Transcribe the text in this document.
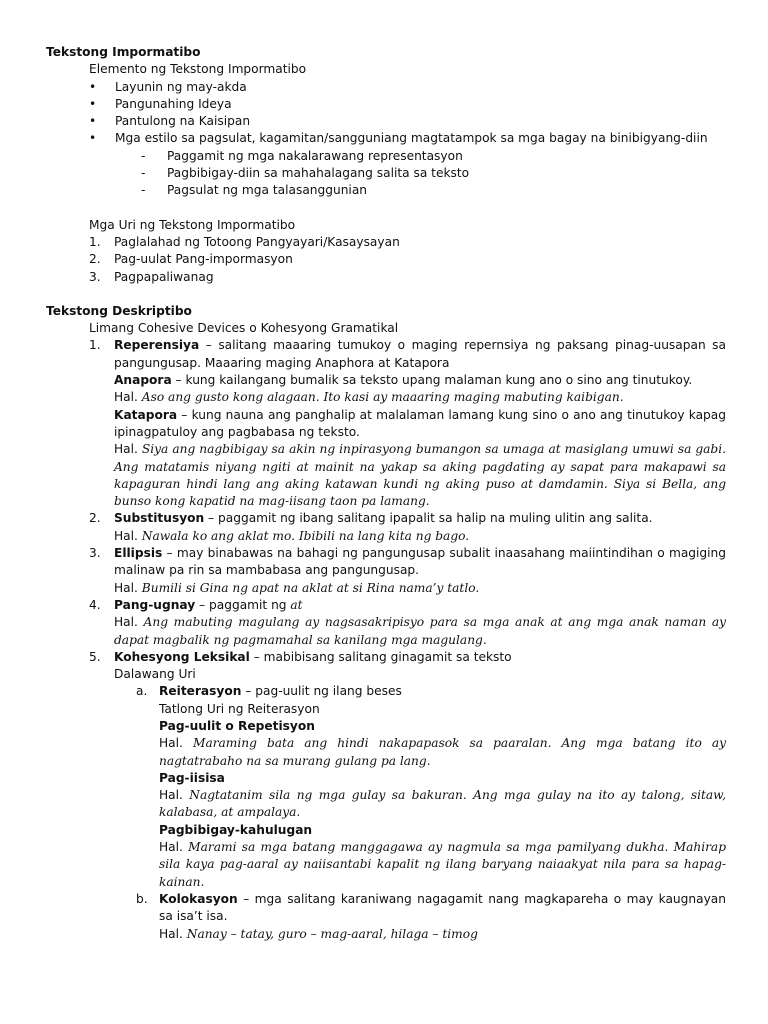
Tekstong Impormatibo
Elemento ng Tekstong Impormatibo
• Layunin ng may-akda
• Pangunahing Ideya
• Pantulong na Kaisipan
• Mga estilo sa pagsulat, kagamitan/sangguniang magtatampok sa mga bagay na binibigyang-diin
- Paggamit ng mga nakalarawang representasyon
- Pagbibigay-diin sa mahahalagang salita sa teksto
- Pagsulat ng mga talasanggunian
Mga Uri ng Tekstong Impormatibo
1. Paglalahad ng Totoong Pangyayari/Kasaysayan
2. Pag-uulat Pang-impormasyon
3. Pagpapaliwanag
Tekstong Deskriptibo
Limang Cohesive Devices o Kohesyong Gramatikal
1. Reperensiya – salitang maaaring tumukoy o maging repernsiya ng paksang pinag-uusapan sa pangungusap. Maaaring maging Anaphora at Katapora
Anapora – kung kailangang bumalik sa teksto upang malaman kung ano o sino ang tinutukoy.
Hal. Aso ang gusto kong alagaan. Ito kasi ay maaaring maging mabuting kaibigan.
Katapora – kung nauna ang panghalip at malalaman lamang kung sino o ano ang tinutukoy kapag ipinagpatuloy ang pagbabasa ng teksto.
Hal. Siya ang nagbibigay sa akin ng inpirasyong bumangon sa umaga at masiglang umuwi sa gabi. Ang matatamis niyang ngiti at mainit na yakap sa aking pagdating ay sapat para makapawi sa kapaguran hindi lang ang aking katawan kundi ng aking puso at damdamin. Siya si Bella, ang bunso kong kapatid na mag-iisang taon pa lamang.
2. Substitusyon – paggamit ng ibang salitang ipapalit sa halip na muling ulitin ang salita.
Hal. Nawala ko ang aklat mo. Ibibili na lang kita ng bago.
3. Ellipsis – may binabawas na bahagi ng pangungusap subalit inaasahang maiintindihan o magiging malinaw pa rin sa mambabasa ang pangungusap.
Hal. Bumili si Gina ng apat na aklat at si Rina nama’y tatlo.
4. Pang-ugnay – paggamit ng at
Hal. Ang mabuting magulang ay nagsasakripisyo para sa mga anak at ang mga anak naman ay dapat magbalik ng pagmamahal sa kanilang mga magulang.
5. Kohesyong Leksikal – mabibisang salitang ginagamit sa teksto
Dalawang Uri
a. Reiterasyon – pag-uulit ng ilang beses
Tatlong Uri ng Reiterasyon
Pag-uulit o Repetisyon
Hal. Maraming bata ang hindi nakapapasok sa paaralan. Ang mga batang ito ay nagtatrabaho na sa murang gulang pa lang.
Pag-iisisa
Hal. Nagtatanim sila ng mga gulay sa bakuran. Ang mga gulay na ito ay talong, sitaw, kalabasa, at ampalaya.
Pagbibigay-kahulugan
Hal. Marami sa mga batang manggagawa ay nagmula sa mga pamilyang dukha. Mahirap sila kaya pag-aaral ay naiisantabi kapalit ng ilang baryang naiaakyat nila para sa hapag-kainan.
b. Kolokasyon – mga salitang karaniwang nagagamit nang magkapareha o may kaugnayan sa isa’t isa.
Hal. Nanay – tatay, guro – mag-aaral, hilaga – timog
